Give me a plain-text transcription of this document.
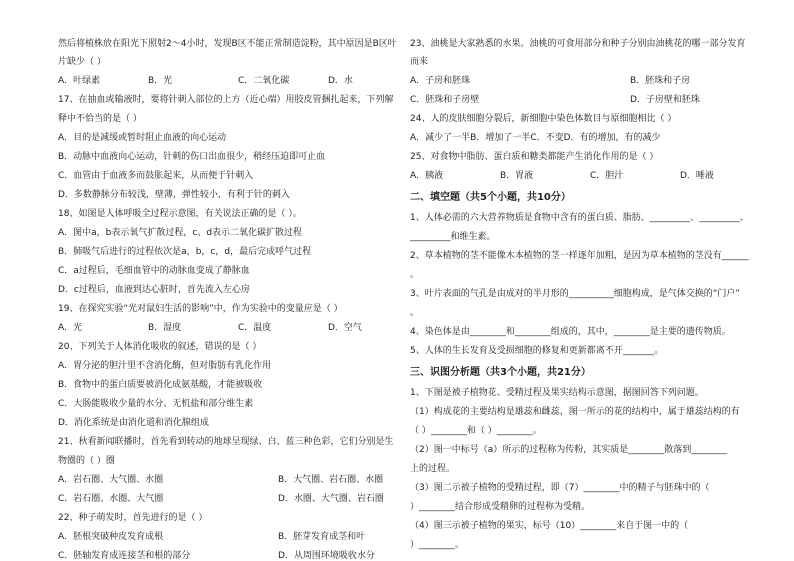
然后将植株放在阳光下照射2～4小时，发现B区不能正常制造淀粉，其中原因是B区叶
片缺少（ ）
A．叶绿素	B．光	C．二氧化碳	D．水
17、在抽血或输液时，要将针刺入部位的上方（近心端）用胶皮管捆扎起来，下列解
释中不恰当的是（ ）
A．目的是减缓或暂时阻止血液的向心运动
B．动脉中血液向心运动，针刺的伤口出血很少，稍经压迫即可止血
C．血管由于血液多而鼓胀起来，从而便于针刺入
D．多数静脉分布较浅，壁薄，弹性较小，有利于针的刺入
18、如图是人体呼吸全过程示意图，有关说法正确的是（ ）。
A．图中a，b表示氧气扩散过程，c、d表示二氧化碳扩散过程
B．肺吸气后进行的过程依次是a，b，c，d，最后完成呼气过程
C．a过程后，毛细血管中的动脉血变成了静脉血
D．c过程后，血液到达心脏时，首先流入左心房
19、在探究实验“光对鼠妇生活的影响”中，作为实验中的变量应是（ ）
A．光	B．湿度	C．温度	D．空气
20、下列关于人体消化吸收的叙述，错误的是（ ）
A．胃分泌的胆汁里不含消化酶，但对脂肪有乳化作用
B．食物中的蛋白质要被消化成氨基酸，才能被吸收
C．大肠能吸收少量的水分、无机盐和部分维生素
D．消化系统是由消化道和消化腺组成
21、秋看新闻联播时，首先看到转动的地球呈现绿、白、蓝三种色彩，它们分别是生
物圈的（ ）圈
A．岩石圈、大气圈、水圈	B．大气圈、岩石圈、水圈
C．岩石圈、水圈、大气圈	D．水圈、大气圈、岩石圈
22、种子萌发时，首先进行的是（ ）
A．胚根突破种皮发育成根	B．胚芽发育成茎和叶
C．胚轴发育成连接茎和根的部分	D．从周围环境吸收水分
23、油桃是大家熟悉的水果。油桃的可食用部分和种子分别由油桃花的哪一部分发育
而来
A．子房和胚珠	B．胚珠和子房
C．胚珠和子房壁	D．子房壁和胚珠
24、人的皮肤细胞分裂后，新细胞中染色体数目与原细胞相比（ ）
A．减少了一半B．增加了一半C．不变D．有的增加，有的减少
25、对食物中脂肪、蛋白质和糖类都能产生消化作用的是（ ）
A．胰液	B．胃液	C．胆汁	D．唾液
二、填空题（共5个小题，共10分）
1、人体必需的六大营养物质是食物中含有的蛋白质、脂肪、_________、_________、
_________和维生素。
2、草本植物的茎不能像木本植物的茎一样逐年加粗，是因为草本植物的茎没有______
。
3、叶片表面的气孔是由成对的半月形的__________细胞构成，是气体交换的“门户”
。
4、染色体是由________和________组成的，其中，________是主要的遗传物质。
5、人体的生长发育及受损细胞的修复和更新都离不开_______。
三、识图分析题（共3个小题，共21分）
1、下图是被子植物花、受精过程及果实结构示意图，据图回答下列问题。
（1）构成花的主要结构是雄蕊和雌蕊，图一所示的花的结构中，属于雄蕊结构的有
（ ）________和（ ）________。
（2）图一中标号（a）所示的过程称为传粉，其实质是________散落到________
上的过程。
（3）图二示被子植物的受精过程，即（7）________中的精子与胚珠中的（
）________结合形成受精卵的过程称为受精。
（4）图三示被子植物的果实，标号（10）________来自于图一中的（
）________。
